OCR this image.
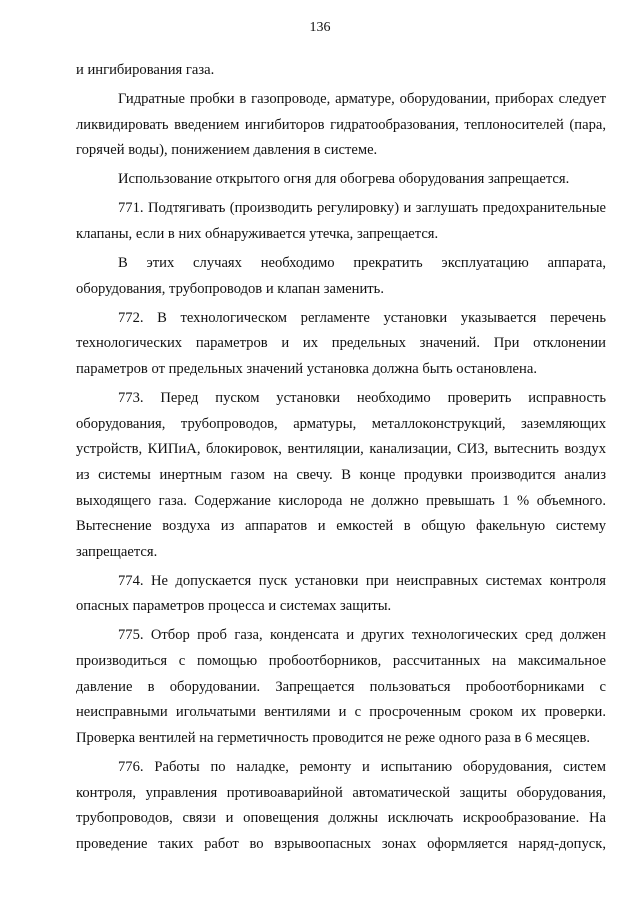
136

и ингибирования газа.

Гидратные пробки в газопроводе, арматуре, оборудовании, приборах следует ликвидировать введением ингибиторов гидратообразования, теплоносителей (пара, горячей воды), понижением давления в системе.

Использование открытого огня для обогрева оборудования запрещается.

771. Подтягивать (производить регулировку) и заглушать предохранительные клапаны, если в них обнаруживается утечка, запрещается.

В этих случаях необходимо прекратить эксплуатацию аппарата, оборудования, трубопроводов и клапан заменить.

772. В технологическом регламенте установки указывается перечень технологических параметров и их предельных значений. При отклонении параметров от предельных значений установка должна быть остановлена.

773. Перед пуском установки необходимо проверить исправность оборудования, трубопроводов, арматуры, металлоконструкций, заземляющих устройств, КИПиА, блокировок, вентиляции, канализации, СИЗ, вытеснить воздух из системы инертным газом на свечу. В конце продувки производится анализ выходящего газа. Содержание кислорода не должно превышать 1 % объемного. Вытеснение воздуха из аппаратов и емкостей в общую факельную систему запрещается.

774. Не допускается пуск установки при неисправных системах контроля опасных параметров процесса и системах защиты.

775. Отбор проб газа, конденсата и других технологических сред должен производиться с помощью пробоотборников, рассчитанных на максимальное давление в оборудовании. Запрещается пользоваться пробоотборниками с неисправными игольчатыми вентилями и с просроченным сроком их проверки. Проверка вентилей на герметичность проводится не реже одного раза в 6 месяцев.

776. Работы по наладке, ремонту и испытанию оборудования, систем контроля, управления противоаварийной автоматической защиты оборудования, трубопроводов, связи и оповещения должны исключать искрообразование. На проведение таких работ во взрывоопасных зонах оформляется наряд-допуск,
